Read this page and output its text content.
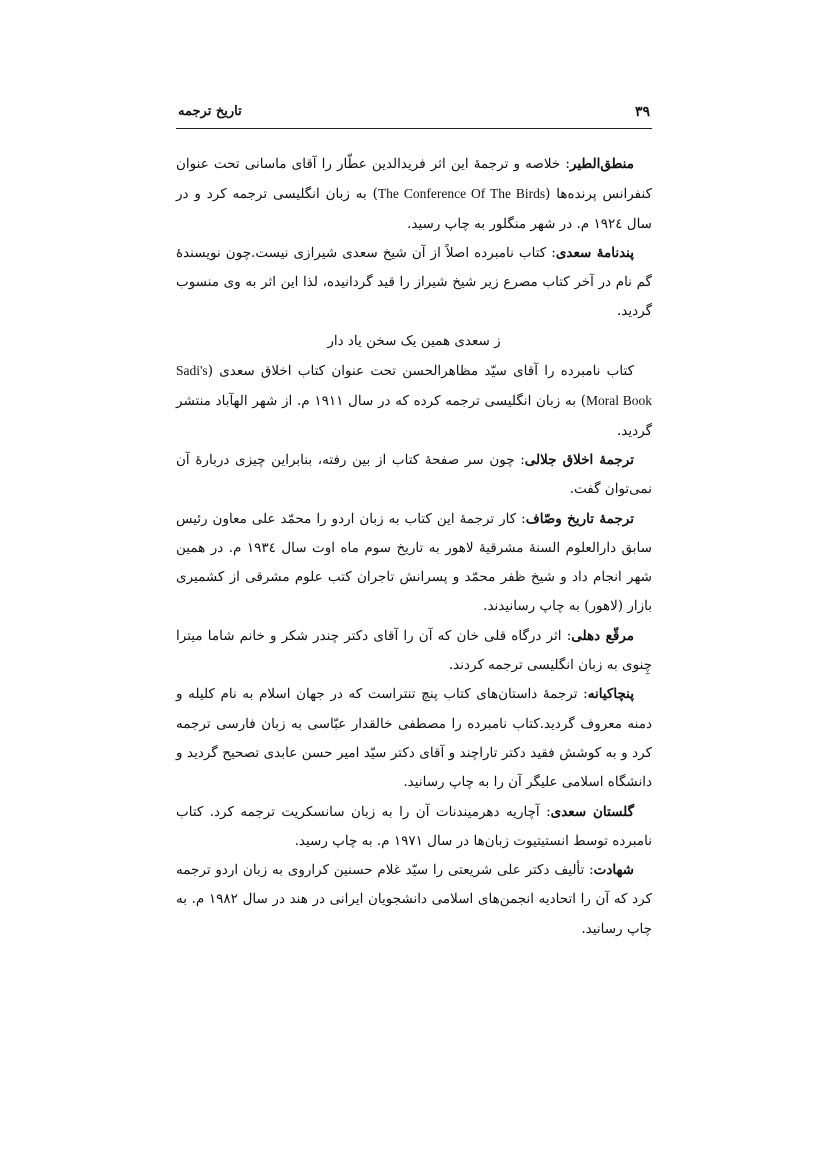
۳۹
تاریخ ترجمه

منطق‌الطیر: خلاصه و ترجمهٔ این اثر فریدالدین عطّار را آقای ماسانی تحت عنوان کنفرانس پرنده‌ها (The Conference Of The Birds) به زبان انگلیسی ترجمه کرد و در سال ۱۹۲٤ م. در شهر منگلور به چاپ رسید.

پندنامهٔ سعدی: کتاب نامبرده اصلاً از آن شیخ سعدی شیرازی نیست.چون نویسندهٔ گم نام در آخر کتاب مصرع زیر شیخ شیراز را قید گردانیده، لذا این اثر به وی منسوب گردید.

ز سعدی همین یک سخن یاد دار

کتاب نامبرده را آقای سیّد مظاهرالحسن تحت عنوان کتاب اخلاق سعدی (Sadi's Moral Book) به زبان انگلیسی ترجمه کرده که در سال ۱۹۱۱ م. از شهر الهآباد منتشر گردید.

ترجمهٔ اخلاق جلالی: چون سر صفحهٔ کتاب از بین رفته، بنابراین چیزی دربارهٔ آن نمی‌توان گفت.

ترجمهٔ تاریخ وصّاف: کار ترجمهٔ این کتاب به زبان اردو را محمّد علی معاون رئیس سابق دارالعلوم السنهٔ مشرقیهٔ لاهور به تاریخ سوم ماه اوت سال ۱۹۳٤ م. در همین شهر انجام داد و شیخ ظفر محمّد و پسرانش تاجران کتب علوم مشرقی از کشمیری بازار (لاهور) به چاپ رسانیدند.

مرقّع دهلی: اثر درگاه قلی خان که آن را آقای دکتر چندر شکر و خانم شاما میترا چِنوی به زبان انگلیسی ترجمه کردند.

پنچاکیانه: ترجمهٔ داستان‌های کتاب پنچ تنتراست که در جهان اسلام به نام کلیله و دمنه معروف گردید.کتاب نامبرده را مصطفی خالقدار عبّاسی به زبان فارسی ترجمه کرد و به کوشش فقید دکتر تاراچند و آقای دکتر سیّد امیر حسن عابدی تصحیح گردید و دانشگاه اسلامی علیگر آن را به چاپ رسانید.

گلستان سعدی: آچاریه دهرمیندنات آن را به زبان سانسکریت ترجمه کرد. کتاب نامبرده توسط انستیتیوت زبان‌ها در سال ۱۹۷۱ م. به چاپ رسید.

شهادت: تألیف دکتر علی شریعتی را سیّد غلام حسنین کراروی به زبان اردو ترجمه کرد که آن را اتحادیه انجمن‌های اسلامی دانشجویان ایرانی در هند در سال ۱۹۸۲ م. به چاپ رسانید.
